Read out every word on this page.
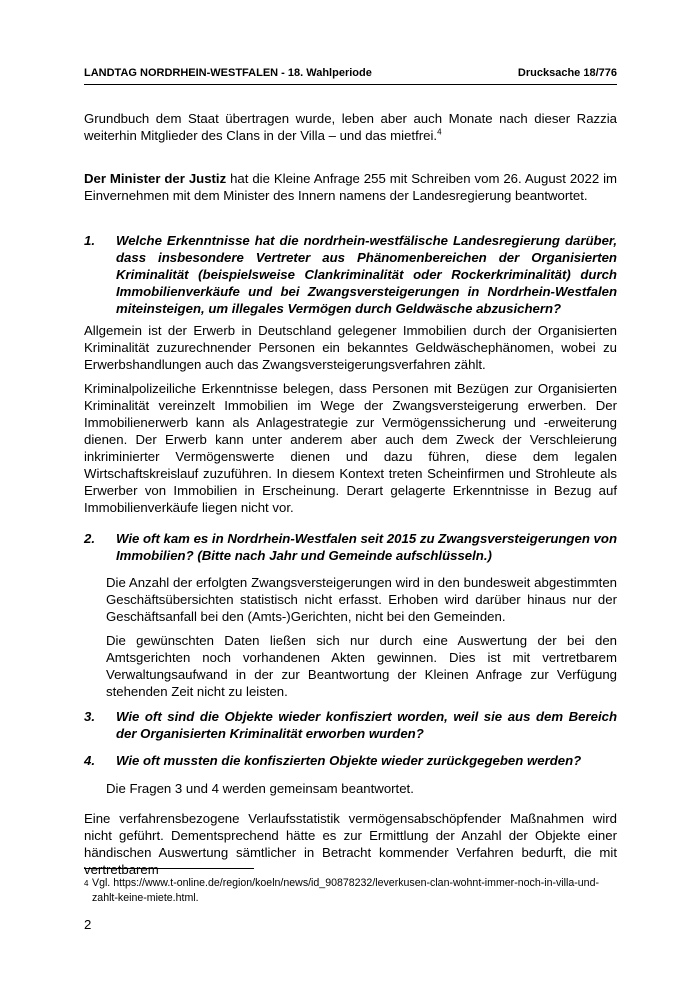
LANDTAG NORDRHEIN-WESTFALEN - 18. Wahlperiode	Drucksache 18/776

Grundbuch dem Staat übertragen wurde, leben aber auch Monate nach dieser Razzia weiterhin Mitglieder des Clans in der Villa – und das mietfrei.$^4$

Der Minister der Justiz hat die Kleine Anfrage 255 mit Schreiben vom 26. August 2022 im Einvernehmen mit dem Minister des Innern namens der Landesregierung beantwortet.

1.	Welche Erkenntnisse hat die nordrhein-westfälische Landesregierung darüber, dass insbesondere Vertreter aus Phänomenbereichen der Organisierten Kriminalität (beispielsweise Clankriminalität oder Rockerkriminalität) durch Immobilienverkäufe und bei Zwangsversteigerungen in Nordrhein-Westfalen miteinsteigen, um illegales Vermögen durch Geldwäsche abzusichern?

Allgemein ist der Erwerb in Deutschland gelegener Immobilien durch der Organisierten Kriminalität zuzurechnender Personen ein bekanntes Geldwäschephänomen, wobei zu Erwerbshandlungen auch das Zwangsversteigerungsverfahren zählt.

Kriminalpolizeiliche Erkenntnisse belegen, dass Personen mit Bezügen zur Organisierten Kriminalität vereinzelt Immobilien im Wege der Zwangsversteigerung erwerben. Der Immobilienerwerb kann als Anlagestrategie zur Vermögenssicherung und -erweiterung dienen. Der Erwerb kann unter anderem aber auch dem Zweck der Verschleierung inkriminierter Vermögenswerte dienen und dazu führen, diese dem legalen Wirtschaftskreislauf zuzuführen. In diesem Kontext treten Scheinfirmen und Strohleute als Erwerber von Immobilien in Erscheinung. Derart gelagerte Erkenntnisse in Bezug auf Immobilienverkäufe liegen nicht vor.

2.	Wie oft kam es in Nordrhein-Westfalen seit 2015 zu Zwangsversteigerungen von Immobilien? (Bitte nach Jahr und Gemeinde aufschlüsseln.)

Die Anzahl der erfolgten Zwangsversteigerungen wird in den bundesweit abgestimmten Geschäftsübersichten statistisch nicht erfasst. Erhoben wird darüber hinaus nur der Geschäftsanfall bei den (Amts-)Gerichten, nicht bei den Gemeinden.

Die gewünschten Daten ließen sich nur durch eine Auswertung der bei den Amtsgerichten noch vorhandenen Akten gewinnen. Dies ist mit vertretbarem Verwaltungsaufwand in der zur Beantwortung der Kleinen Anfrage zur Verfügung stehenden Zeit nicht zu leisten.

3.	Wie oft sind die Objekte wieder konfisziert worden, weil sie aus dem Bereich der Organisierten Kriminalität erworben wurden?
4.	Wie oft mussten die konfiszierten Objekte wieder zurückgegeben werden?

Die Fragen 3 und 4 werden gemeinsam beantwortet.

Eine verfahrensbezogene Verlaufsstatistik vermögensabschöpfender Maßnahmen wird nicht geführt. Dementsprechend hätte es zur Ermittlung der Anzahl der Objekte einer händischen Auswertung sämtlicher in Betracht kommender Verfahren bedurft, die mit vertretbarem

4 Vgl. https://www.t-online.de/region/koeln/news/id_90878232/leverkusen-clan-wohnt-immer-noch-in-villa-und-zahlt-keine-miete.html.
2
